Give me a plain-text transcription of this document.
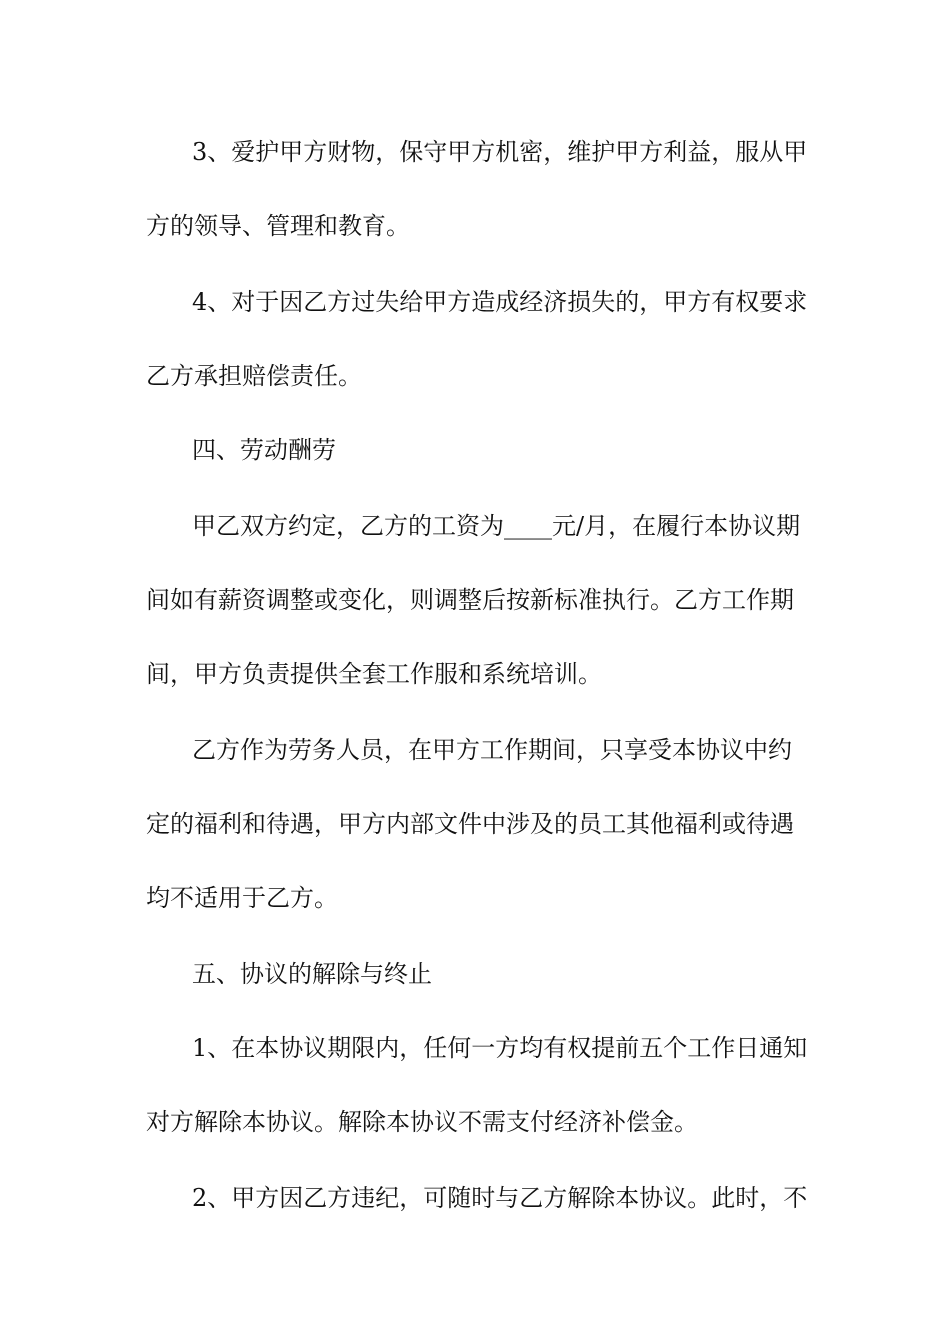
3、爱护甲方财物，保守甲方机密，维护甲方利益，服从甲
方的领导、管理和教育。
4、对于因乙方过失给甲方造成经济损失的，甲方有权要求
乙方承担赔偿责任。
四、劳动酬劳
甲乙双方约定，乙方的工资为____元/月，在履行本协议期
间如有薪资调整或变化，则调整后按新标准执行。乙方工作期
间，甲方负责提供全套工作服和系统培训。
乙方作为劳务人员，在甲方工作期间，只享受本协议中约
定的福利和待遇，甲方内部文件中涉及的员工其他福利或待遇
均不适用于乙方。
五、协议的解除与终止
1、在本协议期限内，任何一方均有权提前五个工作日通知
对方解除本协议。解除本协议不需支付经济补偿金。
2、甲方因乙方违纪，可随时与乙方解除本协议。此时，不
